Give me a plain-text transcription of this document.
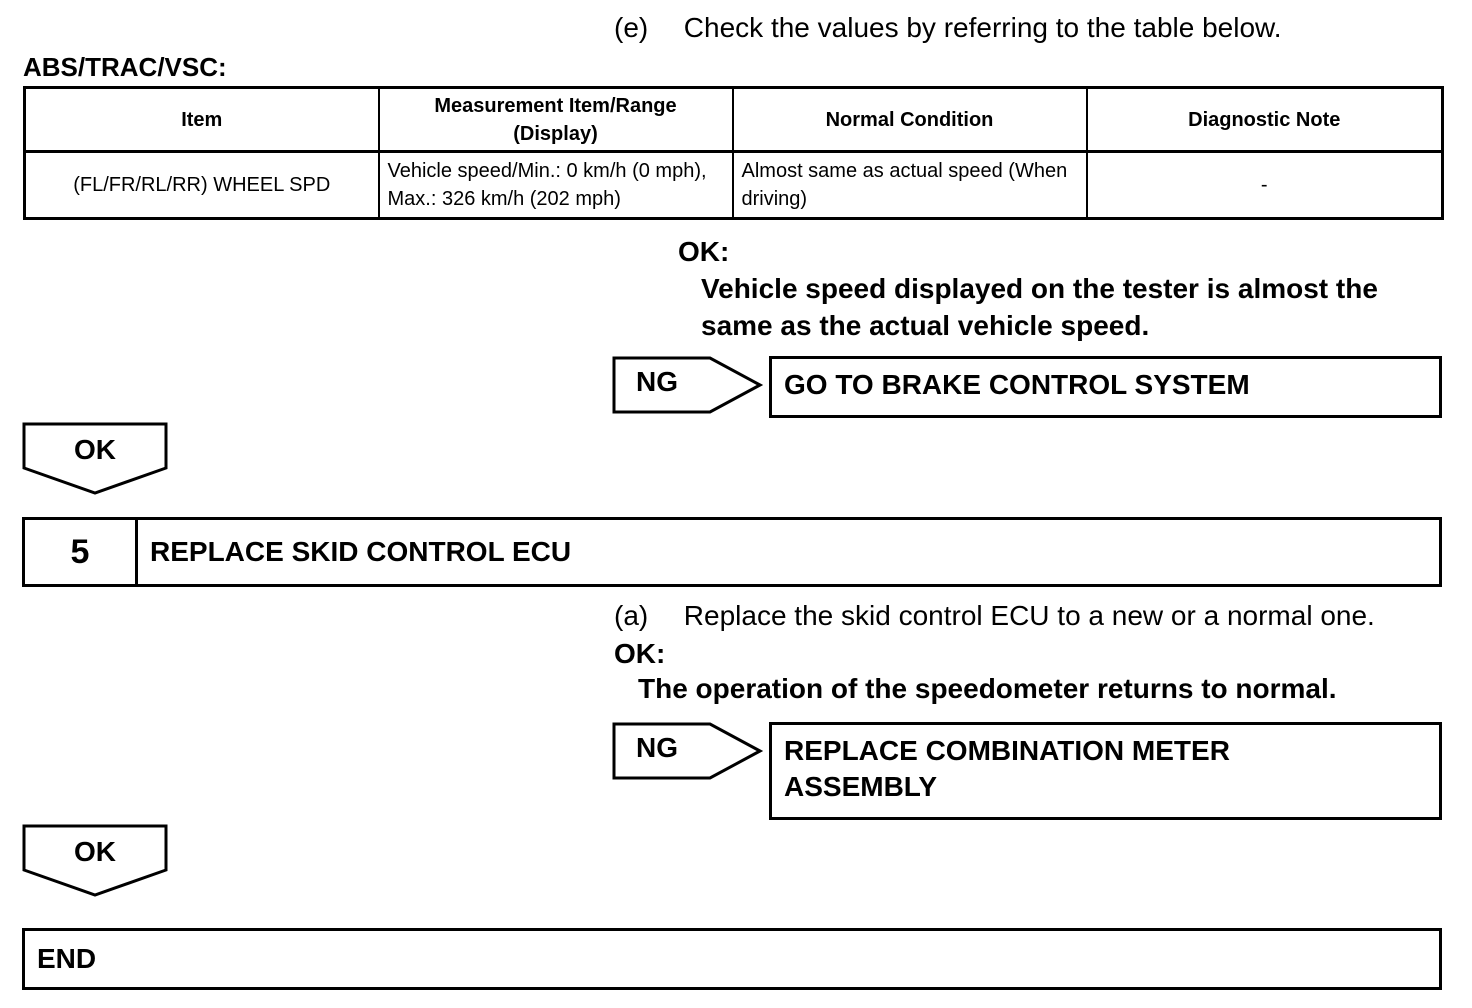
(e) Check the values by referring to the table below.
ABS/TRAC/VSC:
Item	Measurement Item/Range (Display)	Normal Condition	Diagnostic Note
(FL/FR/RL/RR) WHEEL SPD	Vehicle speed/Min.: 0 km/h (0 mph), Max.: 326 km/h (202 mph)	Almost same as actual speed (When driving)	-
OK:
Vehicle speed displayed on the tester is almost the same as the actual vehicle speed.
NG	GO TO BRAKE CONTROL SYSTEM
OK
5	REPLACE SKID CONTROL ECU
(a) Replace the skid control ECU to a new or a normal one.
OK:
The operation of the speedometer returns to normal.
NG	REPLACE COMBINATION METER ASSEMBLY
OK
END
